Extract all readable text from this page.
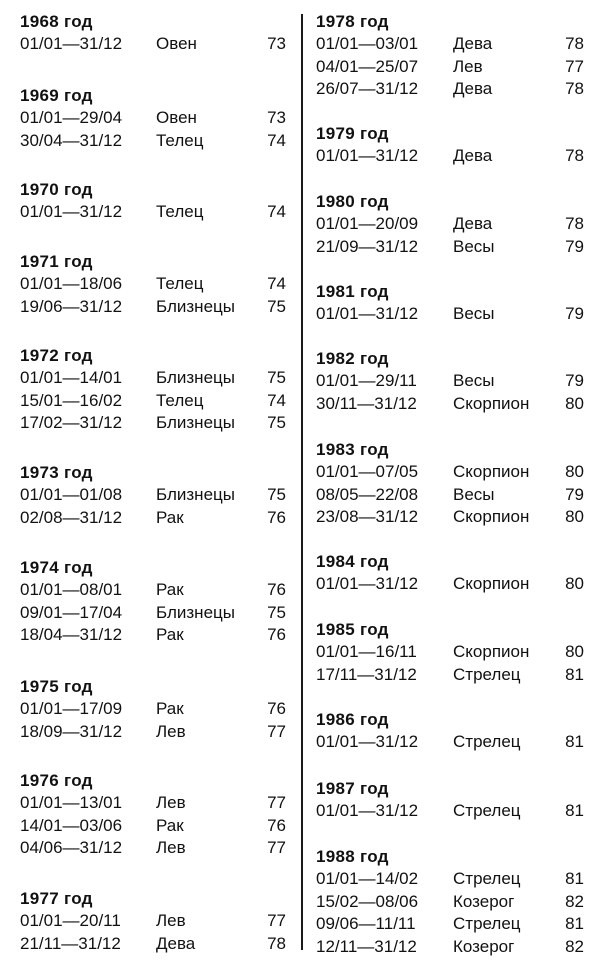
1968 год
01/01—31/12 Овен	73
1969 год
01/01—29/04 Овен	73
30/04—31/12 Телец	74
1970 год
01/01—31/12 Телец	74
1971 год
01/01—18/06 Телец	74
19/06—31/12 Близнецы 75
1972 год
01/01—14/01 Близнецы 75
15/01—16/02 Телец	74
17/02—31/12 Близнецы 75
1973 год
01/01—01/08 Близнецы 75
02/08—31/12 Рак	76
1974 год
01/01—08/01 Рак	76
09/01—17/04 Близнецы 75
18/04—31/12 Рак	76
1975 год
01/01—17/09 Рак	76
18/09—31/12 Лев	77
1976 год
01/01—13/01 Лев	77
14/01—03/06 Рак	76
04/06—31/12 Лев	77
1977 год
01/01—20/11 Лев	77
21/11—31/12 Дева	78
1978 год
01/01—03/01 Дева	78
04/01—25/07 Лев	77
26/07—31/12 Дева	78
1979 год
01/01—31/12 Дева	78
1980 год
01/01—20/09 Дева	78
21/09—31/12 Весы	79
1981 год
01/01—31/12 Весы	79
1982 год
01/01—29/11 Весы	79
30/11—31/12 Скорпион 80
1983 год
01/01—07/05 Скорпион 80
08/05—22/08 Весы	79
23/08—31/12 Скорпион 80
1984 год
01/01—31/12 Скорпион 80
1985 год
01/01—16/11 Скорпион 80
17/11—31/12 Стрелец	81
1986 год
01/01—31/12 Стрелец	81
1987 год
01/01—31/12 Стрелец	81
1988 год
01/01—14/02 Стрелец	81
15/02—08/06 Козерог	82
09/06—11/11 Стрелец	81
12/11—31/12 Козерог	82
